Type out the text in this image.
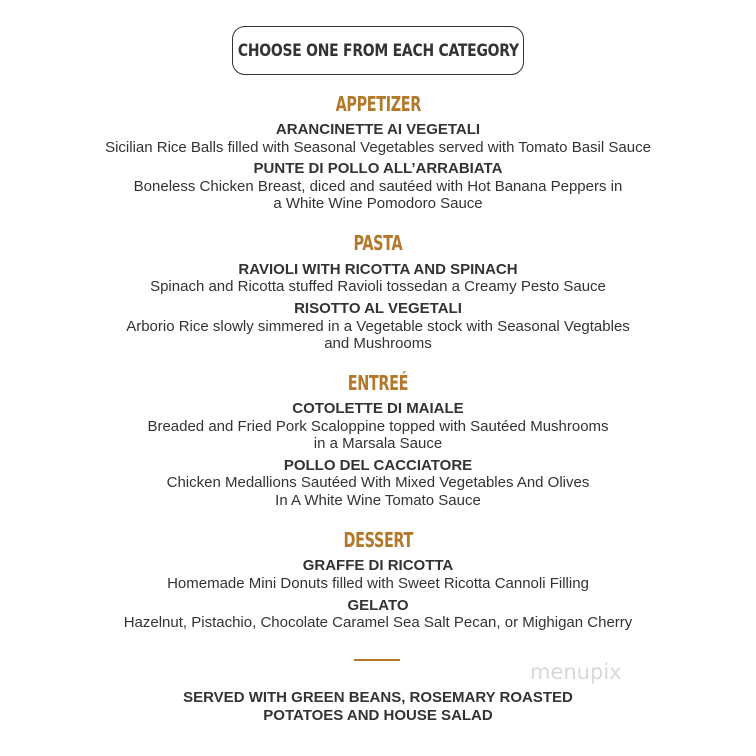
CHOOSE ONE FROM EACH CATEGORY
APPETIZER
ARANCINETTE AI VEGETALI
Sicilian Rice Balls filled with Seasonal Vegetables served with Tomato Basil Sauce
PUNTE DI POLLO ALL’ARRABIATA
Boneless Chicken Breast, diced and sautéed with Hot Banana Peppers in
a White Wine Pomodoro Sauce
PASTA
RAVIOLI WITH RICOTTA AND SPINACH
Spinach and Ricotta stuffed Ravioli tossedan a Creamy Pesto Sauce
RISOTTO AL VEGETALI
Arborio Rice slowly simmered in a Vegetable stock with Seasonal Vegtables
and Mushrooms
ENTREÉ
COTOLETTE DI MAIALE
Breaded and Fried Pork Scaloppine topped with Sautéed Mushrooms
in a Marsala Sauce
POLLO DEL CACCIATORE
Chicken Medallions Sautéed With Mixed Vegetables And Olives
In A White Wine Tomato Sauce
DESSERT
GRAFFE DI RICOTTA
Homemade Mini Donuts filled with Sweet Ricotta Cannoli Filling
GELATO
Hazelnut, Pistachio, Chocolate Caramel Sea Salt Pecan, or Mighigan Cherry
menupix
SERVED WITH GREEN BEANS, ROSEMARY ROASTED
POTATOES AND HOUSE SALAD
